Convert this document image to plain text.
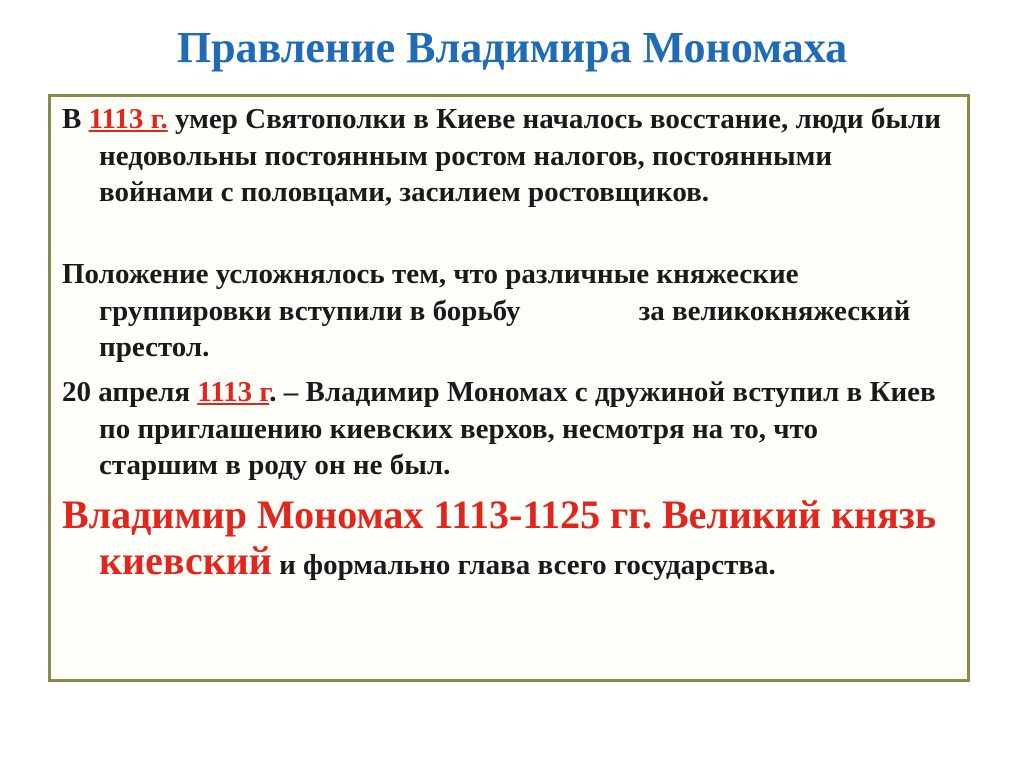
Правление Владимира Мономаха

В 1113 г. умер Святополки в Киеве началось восстание, люди были недовольны постоянным ростом налогов, постоянными войнами с половцами, засилием ростовщиков.

Положение усложнялось тем, что различные княжеские группировки вступили в борьбу	за великокняжеский престол.

20 апреля 1113 г. – Владимир Мономах с дружиной вступил в Киев по приглашению киевских верхов, несмотря на то, что старшим в роду он не был.

Владимир Мономах 1113-1125 гг. Великий князь киевский и формально глава всего государства.
